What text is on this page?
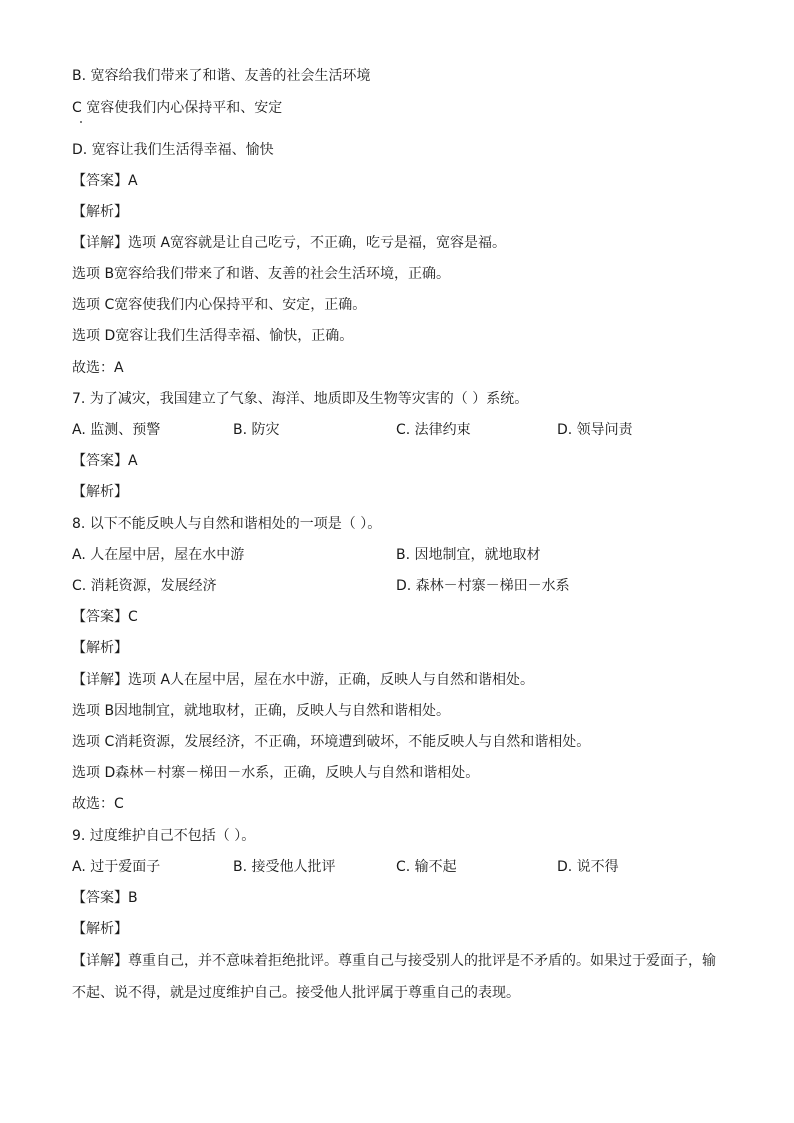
B. 宽容给我们带来了和谐、友善的社会生活环境
C 宽容使我们内心保持平和、安定
D. 宽容让我们生活得幸福、愉快
【答案】A
【解析】
【详解】选项 A宽容就是让自己吃亏，不正确，吃亏是福，宽容是福。
选项 B宽容给我们带来了和谐、友善的社会生活环境，正确。
选项 C宽容使我们内心保持平和、安定，正确。
选项 D宽容让我们生活得幸福、愉快，正确。
故选：A
7. 为了减灾，我国建立了气象、海洋、地质即及生物等灾害的（ ）系统。
A. 监测、预警	B. 防灾	C. 法律约束	D. 领导问责
【答案】A
【解析】
8. 以下不能反映人与自然和谐相处的一项是（ ）。
A. 人在屋中居，屋在水中游	B. 因地制宜，就地取材
C. 消耗资源，发展经济	D. 森林－村寨－梯田－水系
【答案】C
【解析】
【详解】选项 A人在屋中居，屋在水中游，正确，反映人与自然和谐相处。
选项 B因地制宜，就地取材，正确，反映人与自然和谐相处。
选项 C消耗资源，发展经济，不正确，环境遭到破坏，不能反映人与自然和谐相处。
选项 D森林－村寨－梯田－水系，正确，反映人与自然和谐相处。
故选：C
9. 过度维护自己不包括（ ）。
A. 过于爱面子	B. 接受他人批评	C. 输不起	D. 说不得
【答案】B
【解析】
【详解】尊重自己，并不意味着拒绝批评。尊重自己与接受别人的批评是不矛盾的。如果过于爱面子，输
不起、说不得，就是过度维护自己。接受他人批评属于尊重自己的表现。
